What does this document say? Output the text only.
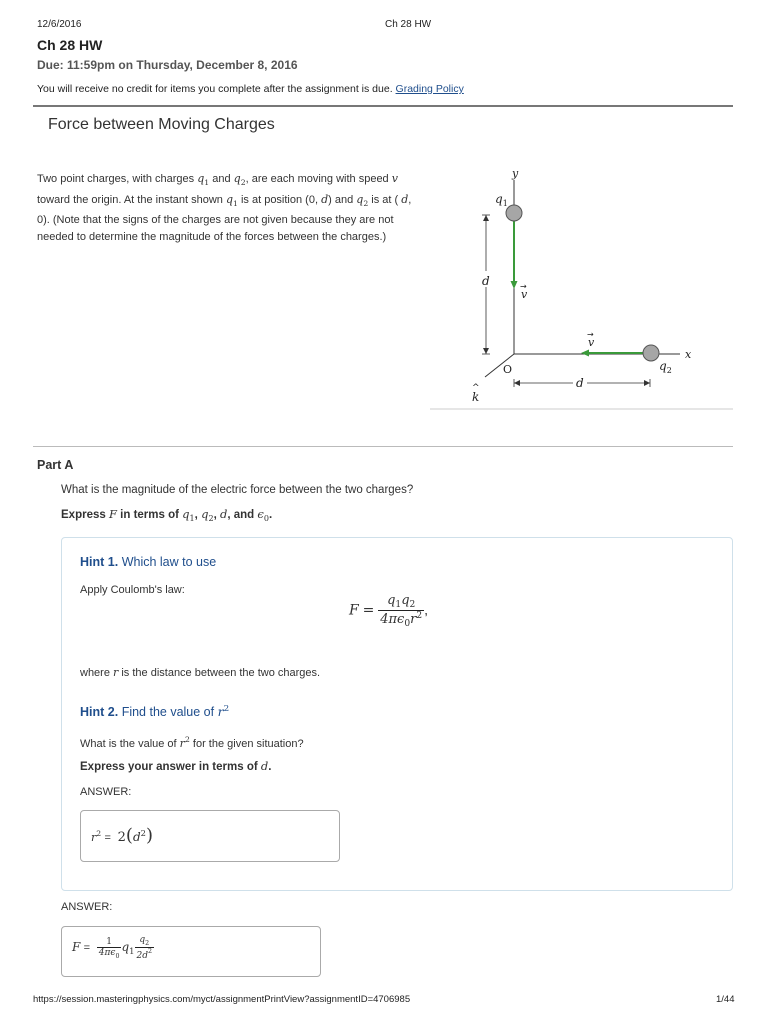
12/6/2016	Ch 28 HW
Ch 28 HW
Due: 11:59pm on Thursday, December 8, 2016
You will receive no credit for items you complete after the assignment is due. Grading Policy
Force between Moving Charges
Two point charges, with charges $q_1$ and $q_2$, are each moving with speed v toward the origin. At the instant shown $q_1$ is at position (0, d) and $q_2$ is at ( d, 0). (Note that the signs of the charges are not given because they are not needed to determine the magnitude of the forces between the charges.)
y
x
d
d
$q_1$
$q_2$
v
→
v
→
O
k
^
Part A
What is the magnitude of the electric force between the two charges?
Express F in terms of $q_1$, $q_2$, d, and $\epsilon_0$.
Hint 1. Which law to use
Apply Coulomb's law:
$F = \frac{q_1q_2}{4\pi\epsilon_0r^2}$ ,
where r is the distance between the two charges.
Hint 2. Find the value of $r^2$
What is the value of $r^2$ for the given situation?
Express your answer in terms of d.
ANSWER:
$r^2 = 2(d^2)$
ANSWER:
$F = \frac{1}{4\pi\epsilon_0} q_1 \frac{q_2}{2d^2}$
https://session.masteringphysics.com/myct/assignmentPrintView?assignmentID=4706985	1/44
